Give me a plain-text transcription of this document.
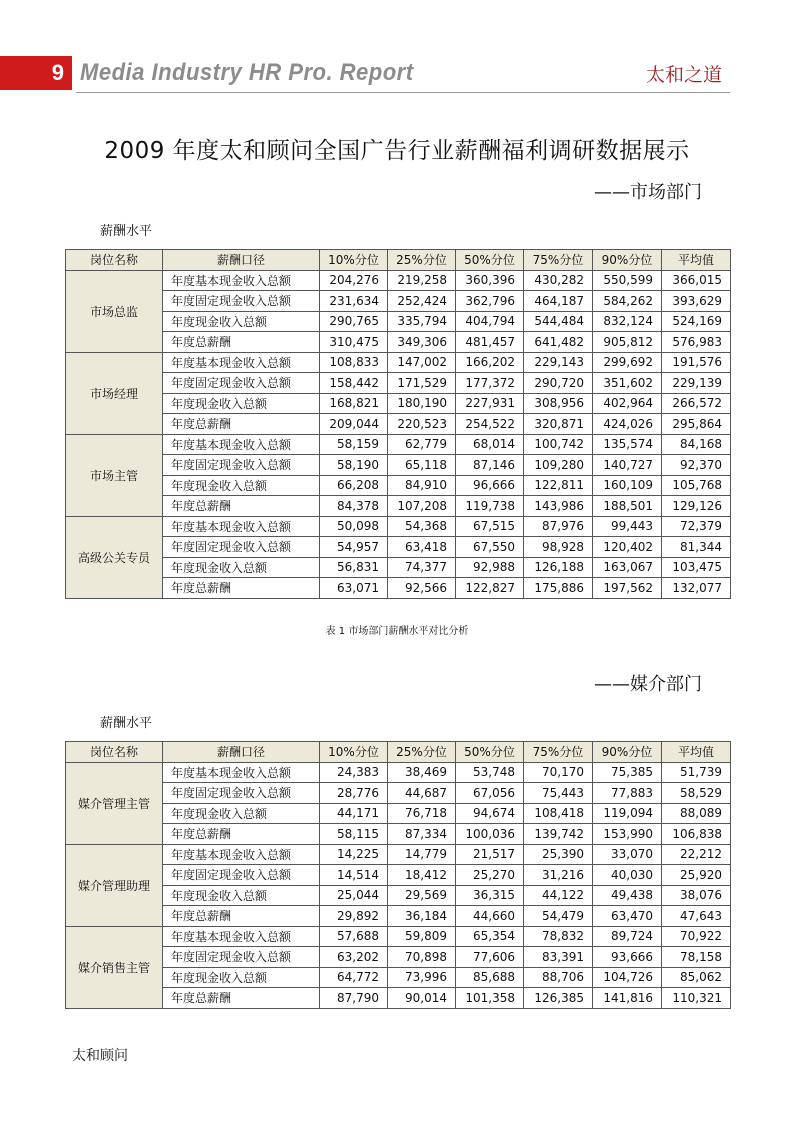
9 Media Industry HR Pro. Report	太和之道
2009 年度太和顾问全国广告行业薪酬福利调研数据展示
——市场部门
薪酬水平
岗位名称	薪酬口径	10%分位	25%分位	50%分位	75%分位	90%分位	平均值
市场总监	年度基本现金收入总额	204,276	219,258	360,396	430,282	550,599	366,015
	年度固定现金收入总额	231,634	252,424	362,796	464,187	584,262	393,629
	年度现金收入总额	290,765	335,794	404,794	544,484	832,124	524,169
	年度总薪酬	310,475	349,306	481,457	641,482	905,812	576,983
市场经理	年度基本现金收入总额	108,833	147,002	166,202	229,143	299,692	191,576
	年度固定现金收入总额	158,442	171,529	177,372	290,720	351,602	229,139
	年度现金收入总额	168,821	180,190	227,931	308,956	402,964	266,572
	年度总薪酬	209,044	220,523	254,522	320,871	424,026	295,864
市场主管	年度基本现金收入总额	58,159	62,779	68,014	100,742	135,574	84,168
	年度固定现金收入总额	58,190	65,118	87,146	109,280	140,727	92,370
	年度现金收入总额	66,208	84,910	96,666	122,811	160,109	105,768
	年度总薪酬	84,378	107,208	119,738	143,986	188,501	129,126
高级公关专员	年度基本现金收入总额	50,098	54,368	67,515	87,976	99,443	72,379
	年度固定现金收入总额	54,957	63,418	67,550	98,928	120,402	81,344
	年度现金收入总额	56,831	74,377	92,988	126,188	163,067	103,475
	年度总薪酬	63,071	92,566	122,827	175,886	197,562	132,077
表 1 市场部门薪酬水平对比分析
——媒介部门
薪酬水平
岗位名称	薪酬口径	10%分位	25%分位	50%分位	75%分位	90%分位	平均值
媒介管理主管	年度基本现金收入总额	24,383	38,469	53,748	70,170	75,385	51,739
	年度固定现金收入总额	28,776	44,687	67,056	75,443	77,883	58,529
	年度现金收入总额	44,171	76,718	94,674	108,418	119,094	88,089
	年度总薪酬	58,115	87,334	100,036	139,742	153,990	106,838
媒介管理助理	年度基本现金收入总额	14,225	14,779	21,517	25,390	33,070	22,212
	年度固定现金收入总额	14,514	18,412	25,270	31,216	40,030	25,920
	年度现金收入总额	25,044	29,569	36,315	44,122	49,438	38,076
	年度总薪酬	29,892	36,184	44,660	54,479	63,470	47,643
媒介销售主管	年度基本现金收入总额	57,688	59,809	65,354	78,832	89,724	70,922
	年度固定现金收入总额	63,202	70,898	77,606	83,391	93,666	78,158
	年度现金收入总额	64,772	73,996	85,688	88,706	104,726	85,062
	年度总薪酬	87,790	90,014	101,358	126,385	141,816	110,321
太和顾问
